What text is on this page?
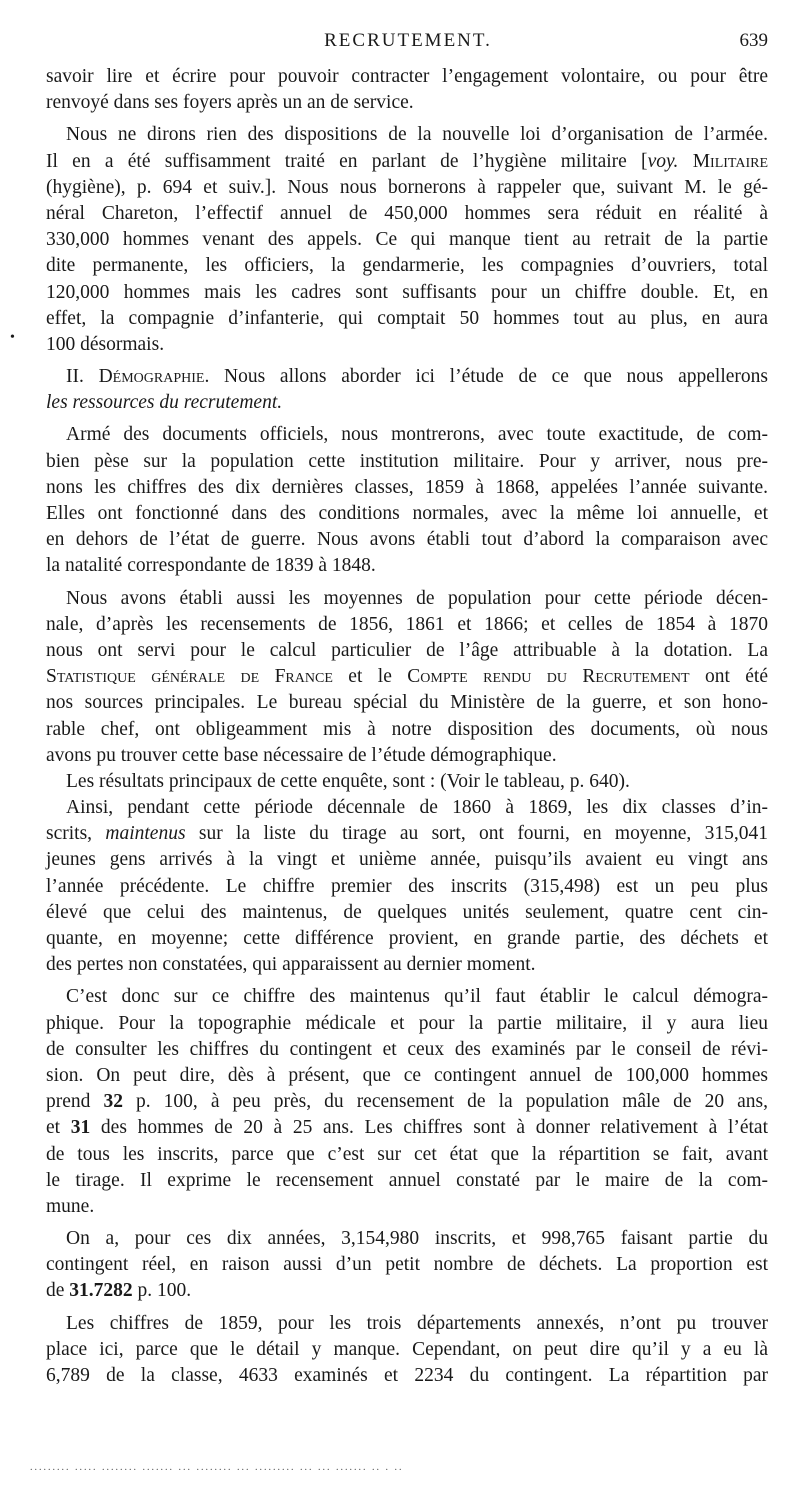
RECRUTEMENT.	639
•
savoir lire et écrire pour pouvoir contracter l’engagement volontaire, ou pour être
renvoyé dans ses foyers après un an de service.
Nous ne dirons rien des dispositions de la nouvelle loi d’organisation de l’armée.
Il en a été suffisamment traité en parlant de l’hygiène militaire [voy. Militaire
(hygiène), p. 694 et suiv.]. Nous nous bornerons à rappeler que, suivant M. le gé-
néral Chareton, l’effectif annuel de 450,000 hommes sera réduit en réalité à
330,000 hommes venant des appels. Ce qui manque tient au retrait de la partie
dite permanente, les officiers, la gendarmerie, les compagnies d’ouvriers, total
120,000 hommes mais les cadres sont suffisants pour un chiffre double. Et, en
effet, la compagnie d’infanterie, qui comptait 50 hommes tout au plus, en aura
100 désormais.
II. Démographie. Nous allons aborder ici l’étude de ce que nous appellerons
les ressources du recrutement.
Armé des documents officiels, nous montrerons, avec toute exactitude, de com-
bien pèse sur la population cette institution militaire. Pour y arriver, nous pre-
nons les chiffres des dix dernières classes, 1859 à 1868, appelées l’année suivante.
Elles ont fonctionné dans des conditions normales, avec la même loi annuelle, et
en dehors de l’état de guerre. Nous avons établi tout d’abord la comparaison avec
la natalité correspondante de 1839 à 1848.
Nous avons établi aussi les moyennes de population pour cette période décen-
nale, d’après les recensements de 1856, 1861 et 1866; et celles de 1854 à 1870
nous ont servi pour le calcul particulier de l’âge attribuable à la dotation. La
Statistique générale de France et le Compte rendu du Recrutement ont été
nos sources principales. Le bureau spécial du Ministère de la guerre, et son hono-
rable chef, ont obligeamment mis à notre disposition des documents, où nous
avons pu trouver cette base nécessaire de l’étude démographique.
Les résultats principaux de cette enquête, sont : (Voir le tableau, p. 640).
Ainsi, pendant cette période décennale de 1860 à 1869, les dix classes d’in-
scrits, maintenus sur la liste du tirage au sort, ont fourni, en moyenne, 315,041
jeunes gens arrivés à la vingt et unième année, puisqu’ils avaient eu vingt ans
l’année précédente. Le chiffre premier des inscrits (315,498) est un peu plus
élevé que celui des maintenus, de quelques unités seulement, quatre cent cin-
quante, en moyenne; cette différence provient, en grande partie, des déchets et
des pertes non constatées, qui apparaissent au dernier moment.
C’est donc sur ce chiffre des maintenus qu’il faut établir le calcul démogra-
phique. Pour la topographie médicale et pour la partie militaire, il y aura lieu
de consulter les chiffres du contingent et ceux des examinés par le conseil de révi-
sion. On peut dire, dès à présent, que ce contingent annuel de 100,000 hommes
prend 32 p. 100, à peu près, du recensement de la population mâle de 20 ans,
et 31 des hommes de 20 à 25 ans. Les chiffres sont à donner relativement à l’état
de tous les inscrits, parce que c’est sur cet état que la répartition se fait, avant
le tirage. Il exprime le recensement annuel constaté par le maire de la com-
mune.
On a, pour ces dix années, 3,154,980 inscrits, et 998,765 faisant partie du
contingent réel, en raison aussi d’un petit nombre de déchets. La proportion est
de 31.7282 p. 100.
Les chiffres de 1859, pour les trois départements annexés, n’ont pu trouver
place ici, parce que le détail y manque. Cependant, on peut dire qu’il y a eu là
6,789 de la classe, 4633 examinés et 2234 du contingent. La répartition par
......... ..... ........ ....... ... ........ ... ......... ... ... ....... .. . ..
